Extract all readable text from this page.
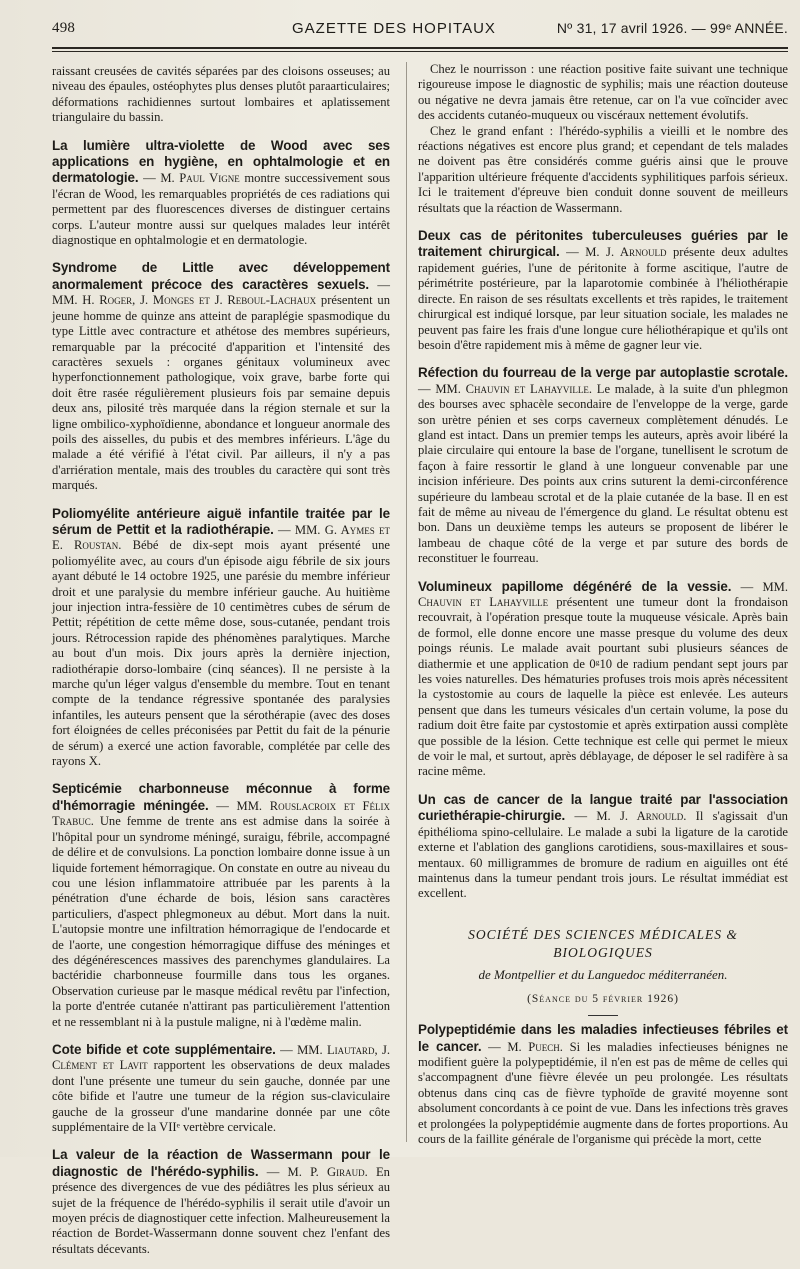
498	GAZETTE DES HOPITAUX	Nº 31, 17 avril 1926. — 99ᵉ ANNÉE.

raissant creusées de cavités séparées par des cloisons osseuses; au niveau des épaules, ostéophytes plus denses plutôt paraarticulaires; déformations rachidiennes surtout lombaires et aplatissement triangulaire du bassin.

La lumière ultra-violette de Wood avec ses applications en hygiène, en ophtalmologie et en dermatologie. — M. Paul Vigne montre successivement sous l'écran de Wood, les remarquables propriétés de ces radiations qui permettent par des fluorescences diverses de distinguer certains corps. L'auteur montre aussi sur quelques malades leur intérêt diagnostique en ophtalmologie et en dermatologie.

Syndrome de Little avec développement anormalement précoce des caractères sexuels. — MM. H. Roger, J. Monges et J. Reboul-Lachaux présentent un jeune homme de quinze ans atteint de paraplégie spasmodique du type Little avec contracture et athétose des membres supérieurs, remarquable par la précocité d'apparition et l'intensité des caractères sexuels : organes génitaux volumineux avec hyperfonctionnement pathologique, voix grave, barbe forte qui doit être rasée régulièrement plusieurs fois par semaine depuis deux ans, pilosité très marquée dans la région sternale et sur la ligne ombilico-xyphoïdienne, abondance et longueur anormale des poils des aisselles, du pubis et des membres inférieurs. L'âge du malade a été vérifié à l'état civil. Par ailleurs, il n'y a pas d'arriération mentale, mais des troubles du caractère qui sont très marqués.

Poliomyélite antérieure aiguë infantile traitée par le sérum de Pettit et la radiothérapie. — MM. G. Aymes et E. Roustan. Bébé de dix-sept mois ayant présenté une poliomyélite avec, au cours d'un épisode aigu fébrile de six jours ayant débuté le 14 octobre 1925, une parésie du membre inférieur droit et une paralysie du membre inférieur gauche. Au huitième jour injection intra-fessière de 10 centimètres cubes de sérum de Pettit; répétition de cette même dose, sous-cutanée, pendant trois jours. Rétrocession rapide des phénomènes paralytiques. Marche au bout d'un mois. Dix jours après la dernière injection, radiothérapie dorso-lombaire (cinq séances). Il ne persiste à la marche qu'un léger valgus d'ensemble du membre. Tout en tenant compte de la tendance régressive spontanée des paralysies infantiles, les auteurs pensent que la sérothérapie (avec des doses fort éloignées de celles préconisées par Pettit du fait de la pénurie de sérum) a exercé une action favorable, complétée par celle des rayons X.

Septicémie charbonneuse méconnue à forme d'hémorragie méningée. — MM. Rouslacroix et Félix Trabuc. Une femme de trente ans est admise dans la soirée à l'hôpital pour un syndrome méningé, suraigu, fébrile, accompagné de délire et de convulsions. La ponction lombaire donne issue à un liquide fortement hémorragique. On constate en outre au niveau du cou une lésion inflammatoire attribuée par les parents à la pénétration d'une écharde de bois, lésion sans caractères particuliers, d'aspect phlegmoneux au début. Mort dans la nuit. L'autopsie montre une infiltration hémorragique de l'endocarde et de l'aorte, une congestion hémorragique diffuse des méninges et des dégénérescences massives des parenchymes glandulaires. La bactéridie charbonneuse fourmille dans tous les organes. Observation curieuse par le masque médical revêtu par l'infection, la porte d'entrée cutanée n'attirant pas particulièrement l'attention et ne ressemblant ni à la pustule maligne, ni à l'œdème malin.

Cote bifide et cote supplémentaire. — MM. Liautard, J. Clément et Lavit rapportent les observations de deux malades dont l'une présente une tumeur du sein gauche, donnée par une côte bifide et l'autre une tumeur de la région sus-claviculaire gauche de la grosseur d'une mandarine donnée par une côte supplémentaire de la VIIᵉ vertèbre cervicale.

La valeur de la réaction de Wassermann pour le diagnostic de l'hérédo-syphilis. — M. P. Giraud. En présence des divergences de vue des pédiâtres les plus sérieux au sujet de la fréquence de l'hérédo-syphilis il serait utile d'avoir un moyen précis de diagnostiquer cette infection. Malheureusement la réaction de Bordet-Wassermann donne souvent chez l'enfant des résultats décevants.

Chez le nourrisson : une réaction positive faite suivant une technique rigoureuse impose le diagnostic de syphilis; mais une réaction douteuse ou négative ne devra jamais être retenue, car on l'a vue coïncider avec des accidents cutanéo-muqueux ou viscéraux nettement évolutifs.

Chez le grand enfant : l'hérédo-syphilis a vieilli et le nombre des réactions négatives est encore plus grand; et cependant de tels malades ne doivent pas être considérés comme guéris ainsi que le prouve l'apparition ultérieure fréquente d'accidents syphilitiques parfois sérieux. Ici le traitement d'épreuve bien conduit donne souvent de meilleurs résultats que la réaction de Wassermann.

Deux cas de péritonites tuberculeuses guéries par le traitement chirurgical. — M. J. Arnould présente deux adultes rapidement guéries, l'une de péritonite à forme ascitique, l'autre de périmétrite postérieure, par la laparotomie combinée à l'héliothérapie directe. En raison de ses résultats excellents et très rapides, le traitement chirurgical est indiqué lorsque, par leur situation sociale, les malades ne peuvent pas faire les frais d'une longue cure héliothérapique et qu'ils ont besoin d'être rapidement mis à même de gagner leur vie.

Réfection du fourreau de la verge par autoplastie scrotale. — MM. Chauvin et Lahayville. Le malade, à la suite d'un phlegmon des bourses avec sphacèle secondaire de l'enveloppe de la verge, garde son urètre pénien et ses corps caverneux complètement dénudés. Le gland est intact. Dans un premier temps les auteurs, après avoir libéré la plaie circulaire qui entoure la base de l'organe, tunellisent le scrotum de façon à faire ressortir le gland à une longueur convenable par une incision inférieure. Des points aux crins suturent la demi-circonférence supérieure du lambeau scrotal et de la plaie cutanée de la base. Il en est fait de même au niveau de l'émergence du gland. Le résultat obtenu est bon. Dans un deuxième temps les auteurs se proposent de libérer le lambeau de chaque côté de la verge et par suture des bords de reconstituer le fourreau.

Volumineux papillome dégénéré de la vessie. — MM. Chauvin et Lahayville présentent une tumeur dont la frondaison recouvrait, à l'opération presque toute la muqueuse vésicale. Après bain de formol, elle donne encore une masse presque du volume des deux poings réunis. Le malade avait pourtant subi plusieurs séances de diathermie et une application de 0ᵍ10 de radium pendant sept jours par les voies naturelles. Des hématuries profuses trois mois après nécessitent la cystostomie au cours de laquelle la pièce est enlevée. Les auteurs pensent que dans les tumeurs vésicales d'un certain volume, la pose du radium doit être faite par cystostomie et après extirpation aussi complète que possible de la lésion. Cette technique est celle qui permet le mieux de voir le mal, et surtout, après déblayage, de déposer le sel radifère à sa racine même.

Un cas de cancer de la langue traité par l'association curiethérapie-chirurgie. — M. J. Arnould. Il s'agissait d'un épithélioma spino-cellulaire. Le malade a subi la ligature de la carotide externe et l'ablation des ganglions carotidiens, sous-maxillaires et sous-mentaux. 60 milligrammes de bromure de radium en aiguilles ont été maintenus dans la tumeur pendant trois jours. Le résultat immédiat est excellent.

SOCIÉTÉ DES SCIENCES MÉDICALES & BIOLOGIQUES
de Montpellier et du Languedoc méditerranéen.
(Séance du 5 février 1926)

Polypeptidémie dans les maladies infectieuses fébriles et le cancer. — M. Puech. Si les maladies infectieuses bénignes ne modifient guère la polypeptidémie, il n'en est pas de même de celles qui s'accompagnent d'une fièvre élevée un peu prolongée. Les résultats obtenus dans cinq cas de fièvre typhoïde de gravité moyenne sont absolument concordants à ce point de vue. Dans les infections très graves et prolongées la polypeptidémie augmente dans de fortes proportions. Au cours de la faillite générale de l'organisme qui précède la mort, cette
